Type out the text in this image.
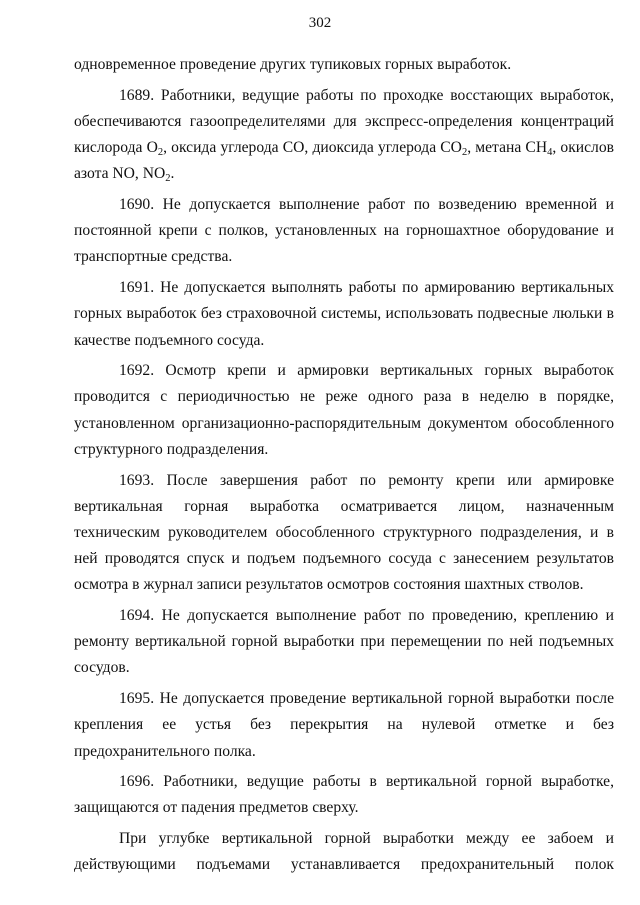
302

одновременное проведение других тупиковых горных выработок.

1689. Работники, ведущие работы по проходке восстающих выработок, обеспечиваются газоопределителями для экспресс-определения концентраций кислорода $O_2$, оксида углерода CO, диоксида углерода $CO_2$, метана $CH_4$, окислов азота NO, $NO_2$.

1690. Не допускается выполнение работ по возведению временной и постоянной крепи с полков, установленных на горношахтное оборудование и транспортные средства.

1691. Не допускается выполнять работы по армированию вертикальных горных выработок без страховочной системы, использовать подвесные люльки в качестве подъемного сосуда.

1692. Осмотр крепи и армировки вертикальных горных выработок проводится с периодичностью не реже одного раза в неделю в порядке, установленном организационно-распорядительным документом обособленного структурного подразделения.

1693. После завершения работ по ремонту крепи или армировке вертикальная горная выработка осматривается лицом, назначенным техническим руководителем обособленного структурного подразделения, и в ней проводятся спуск и подъем подъемного сосуда с занесением результатов осмотра в журнал записи результатов осмотров состояния шахтных стволов.

1694. Не допускается выполнение работ по проведению, креплению и ремонту вертикальной горной выработки при перемещении по ней подъемных сосудов.

1695. Не допускается проведение вертикальной горной выработки после крепления ее устья без перекрытия на нулевой отметке и без предохранительного полка.

1696. Работники, ведущие работы в вертикальной горной выработке, защищаются от падения предметов сверху.

При углубке вертикальной горной выработки между ее забоем и действующими подъемами устанавливается предохранительный полок
